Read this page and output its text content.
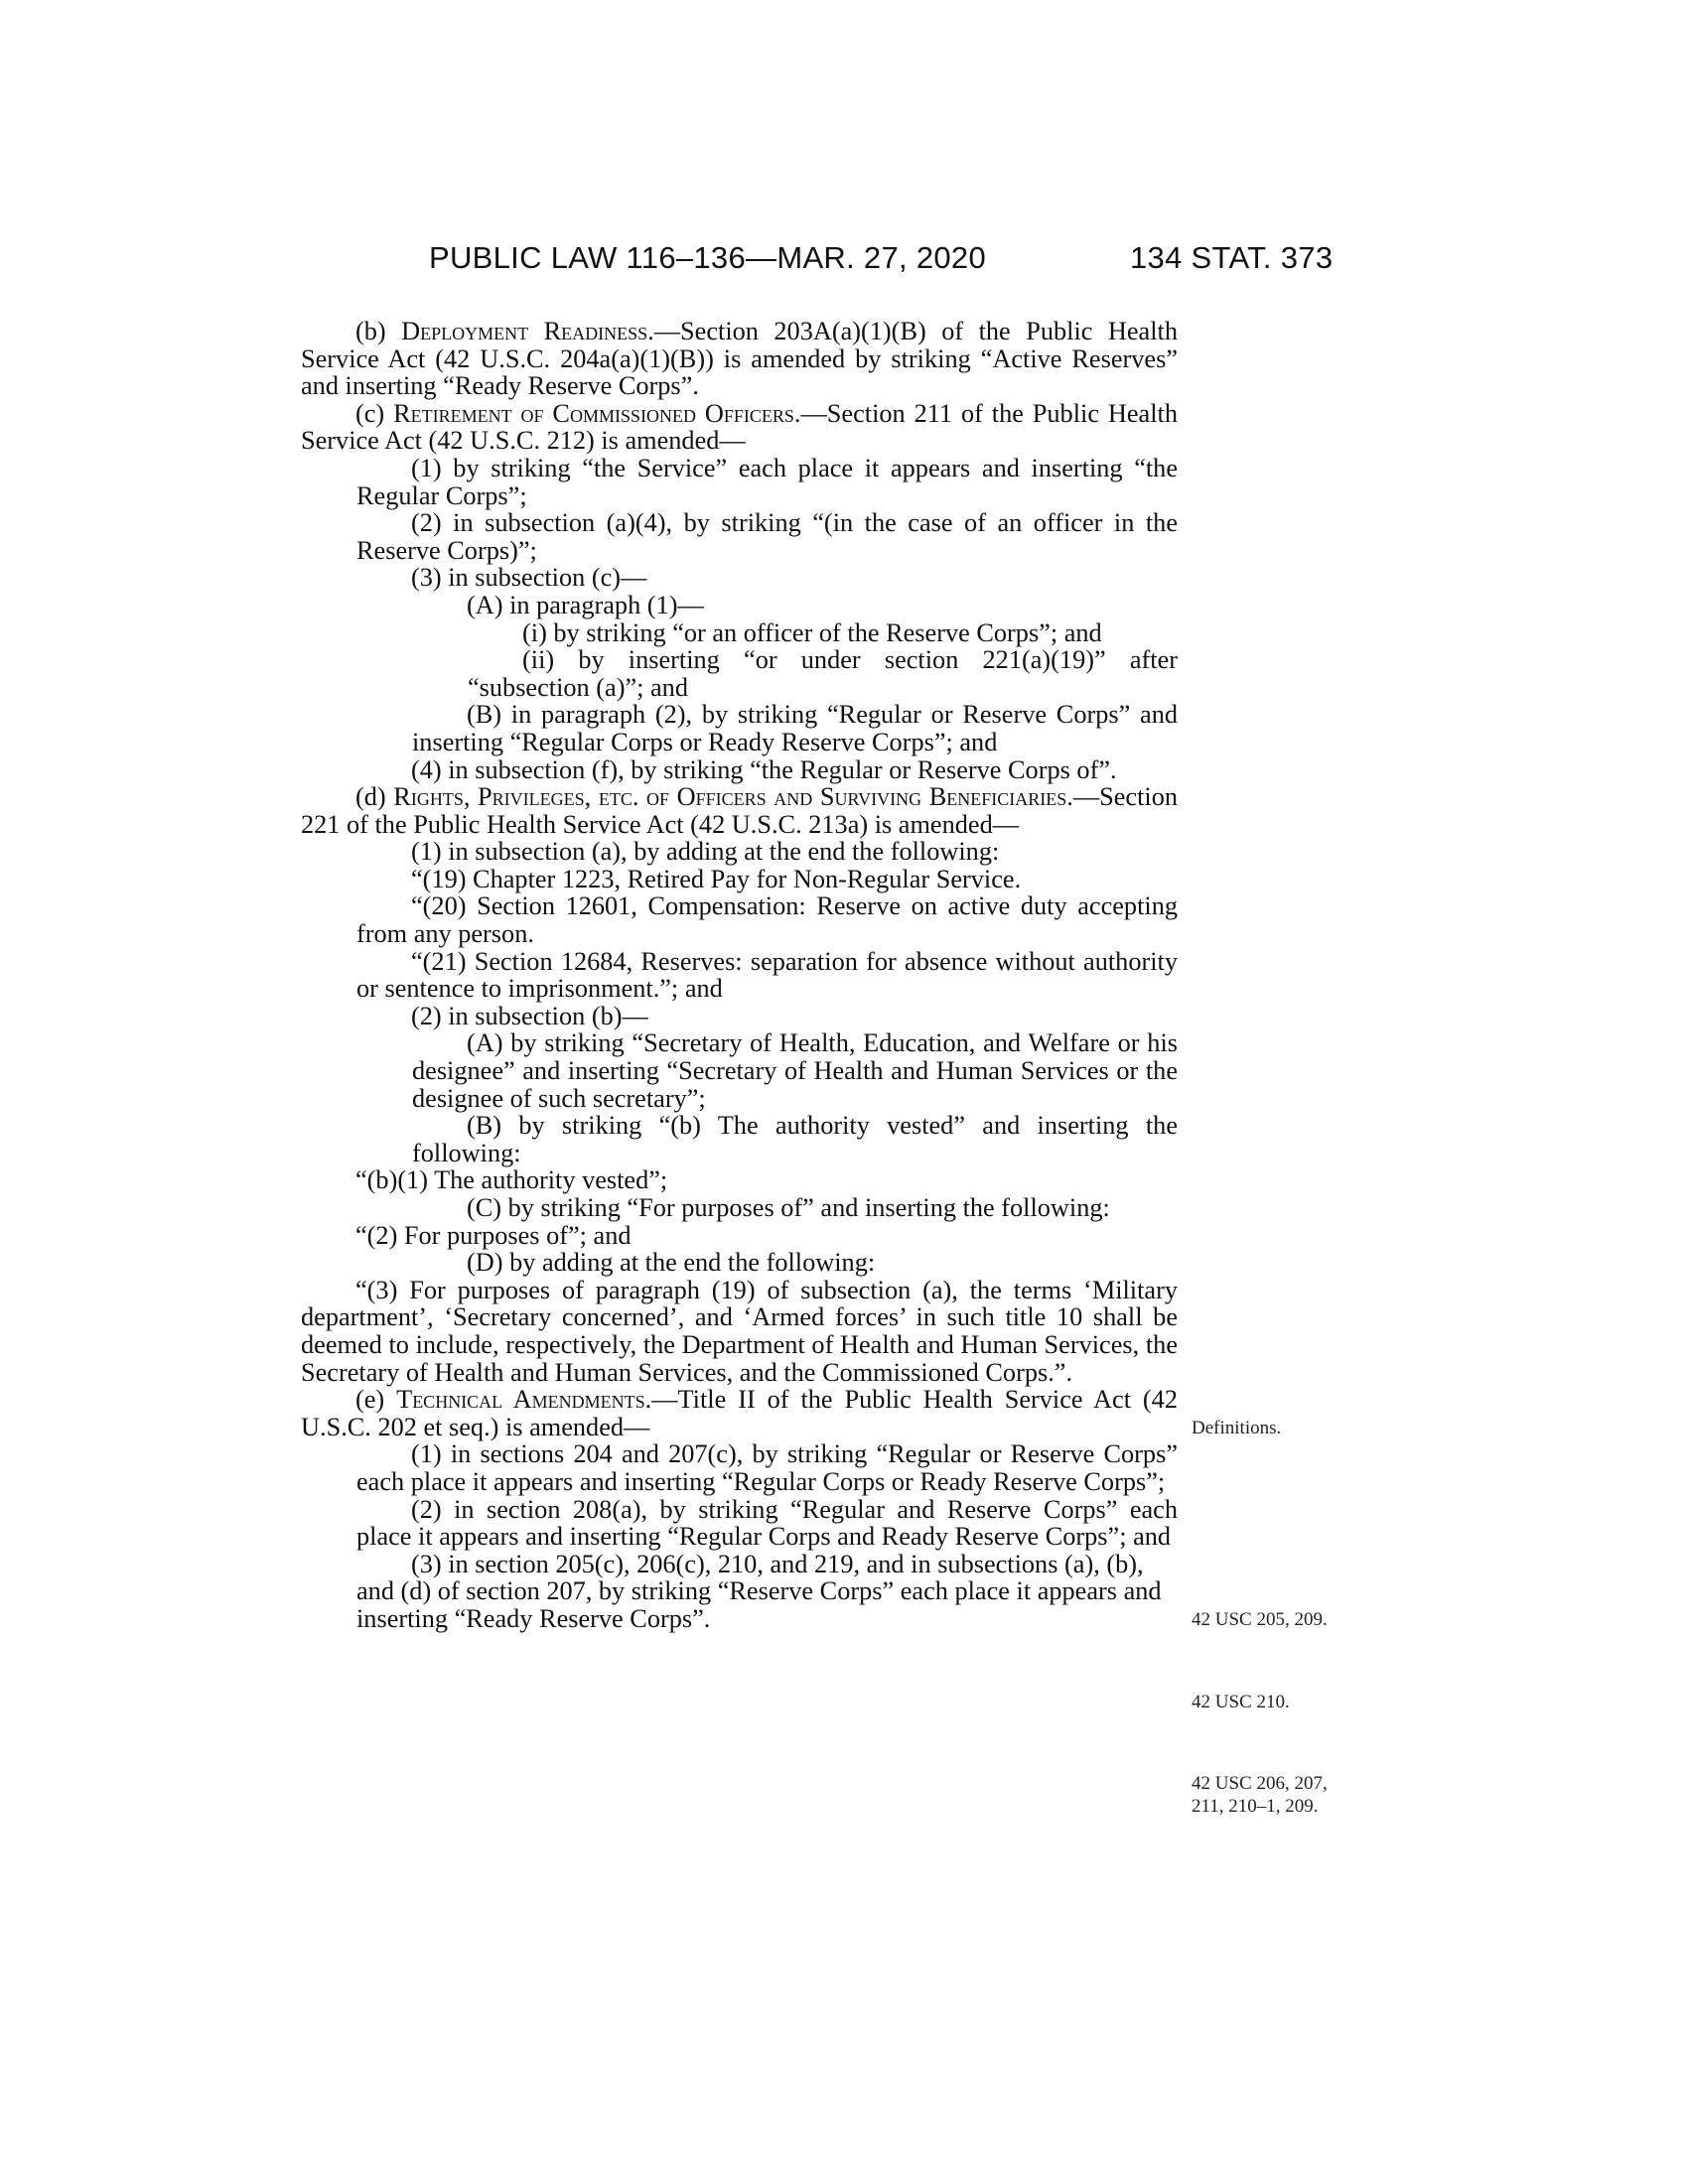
PUBLIC LAW 116–136—MAR. 27, 2020	134 STAT. 373

(b) Deployment Readiness.—Section 203A(a)(1)(B) of the Public Health Service Act (42 U.S.C. 204a(a)(1)(B)) is amended by striking “Active Reserves” and inserting “Ready Reserve Corps”.

(c) Retirement of Commissioned Officers.—Section 211 of the Public Health Service Act (42 U.S.C. 212) is amended—

(1) by striking “the Service” each place it appears and inserting “the Regular Corps”;

(2) in subsection (a)(4), by striking “(in the case of an officer in the Reserve Corps)”;

(3) in subsection (c)—

(A) in paragraph (1)—

(i) by striking “or an officer of the Reserve Corps”; and

(ii) by inserting “or under section 221(a)(19)” after “subsection (a)”; and

(B) in paragraph (2), by striking “Regular or Reserve Corps” and inserting “Regular Corps or Ready Reserve Corps”; and

(4) in subsection (f), by striking “the Regular or Reserve Corps of”.

(d) Rights, Privileges, etc. of Officers and Surviving Beneficiaries.—Section 221 of the Public Health Service Act (42 U.S.C. 213a) is amended—

(1) in subsection (a), by adding at the end the following:

“(19) Chapter 1223, Retired Pay for Non-Regular Service.

“(20) Section 12601, Compensation: Reserve on active duty accepting from any person.

“(21) Section 12684, Reserves: separation for absence without authority or sentence to imprisonment.”; and

(2) in subsection (b)—

(A) by striking “Secretary of Health, Education, and Welfare or his designee” and inserting “Secretary of Health and Human Services or the designee of such secretary”;

(B) by striking “(b) The authority vested” and inserting the following:

“(b)(1) The authority vested”;

(C) by striking “For purposes of” and inserting the following:

“(2) For purposes of”; and

(D) by adding at the end the following:

“(3) For purposes of paragraph (19) of subsection (a), the terms ‘Military department’, ‘Secretary concerned’, and ‘Armed forces’ in such title 10 shall be deemed to include, respectively, the Department of Health and Human Services, the Secretary of Health and Human Services, and the Commissioned Corps.”.

(e) Technical Amendments.—Title II of the Public Health Service Act (42 U.S.C. 202 et seq.) is amended—

(1) in sections 204 and 207(c), by striking “Regular or Reserve Corps” each place it appears and inserting “Regular Corps or Ready Reserve Corps”;

(2) in section 208(a), by striking “Regular and Reserve Corps” each place it appears and inserting “Regular Corps and Ready Reserve Corps”; and

(3) in section 205(c), 206(c), 210, and 219, and in subsections (a), (b), and (d) of section 207, by striking “Reserve Corps” each place it appears and inserting “Ready Reserve Corps”.

Definitions.
42 USC 205, 209.
42 USC 210.
42 USC 206, 207,
211, 210–1, 209.
